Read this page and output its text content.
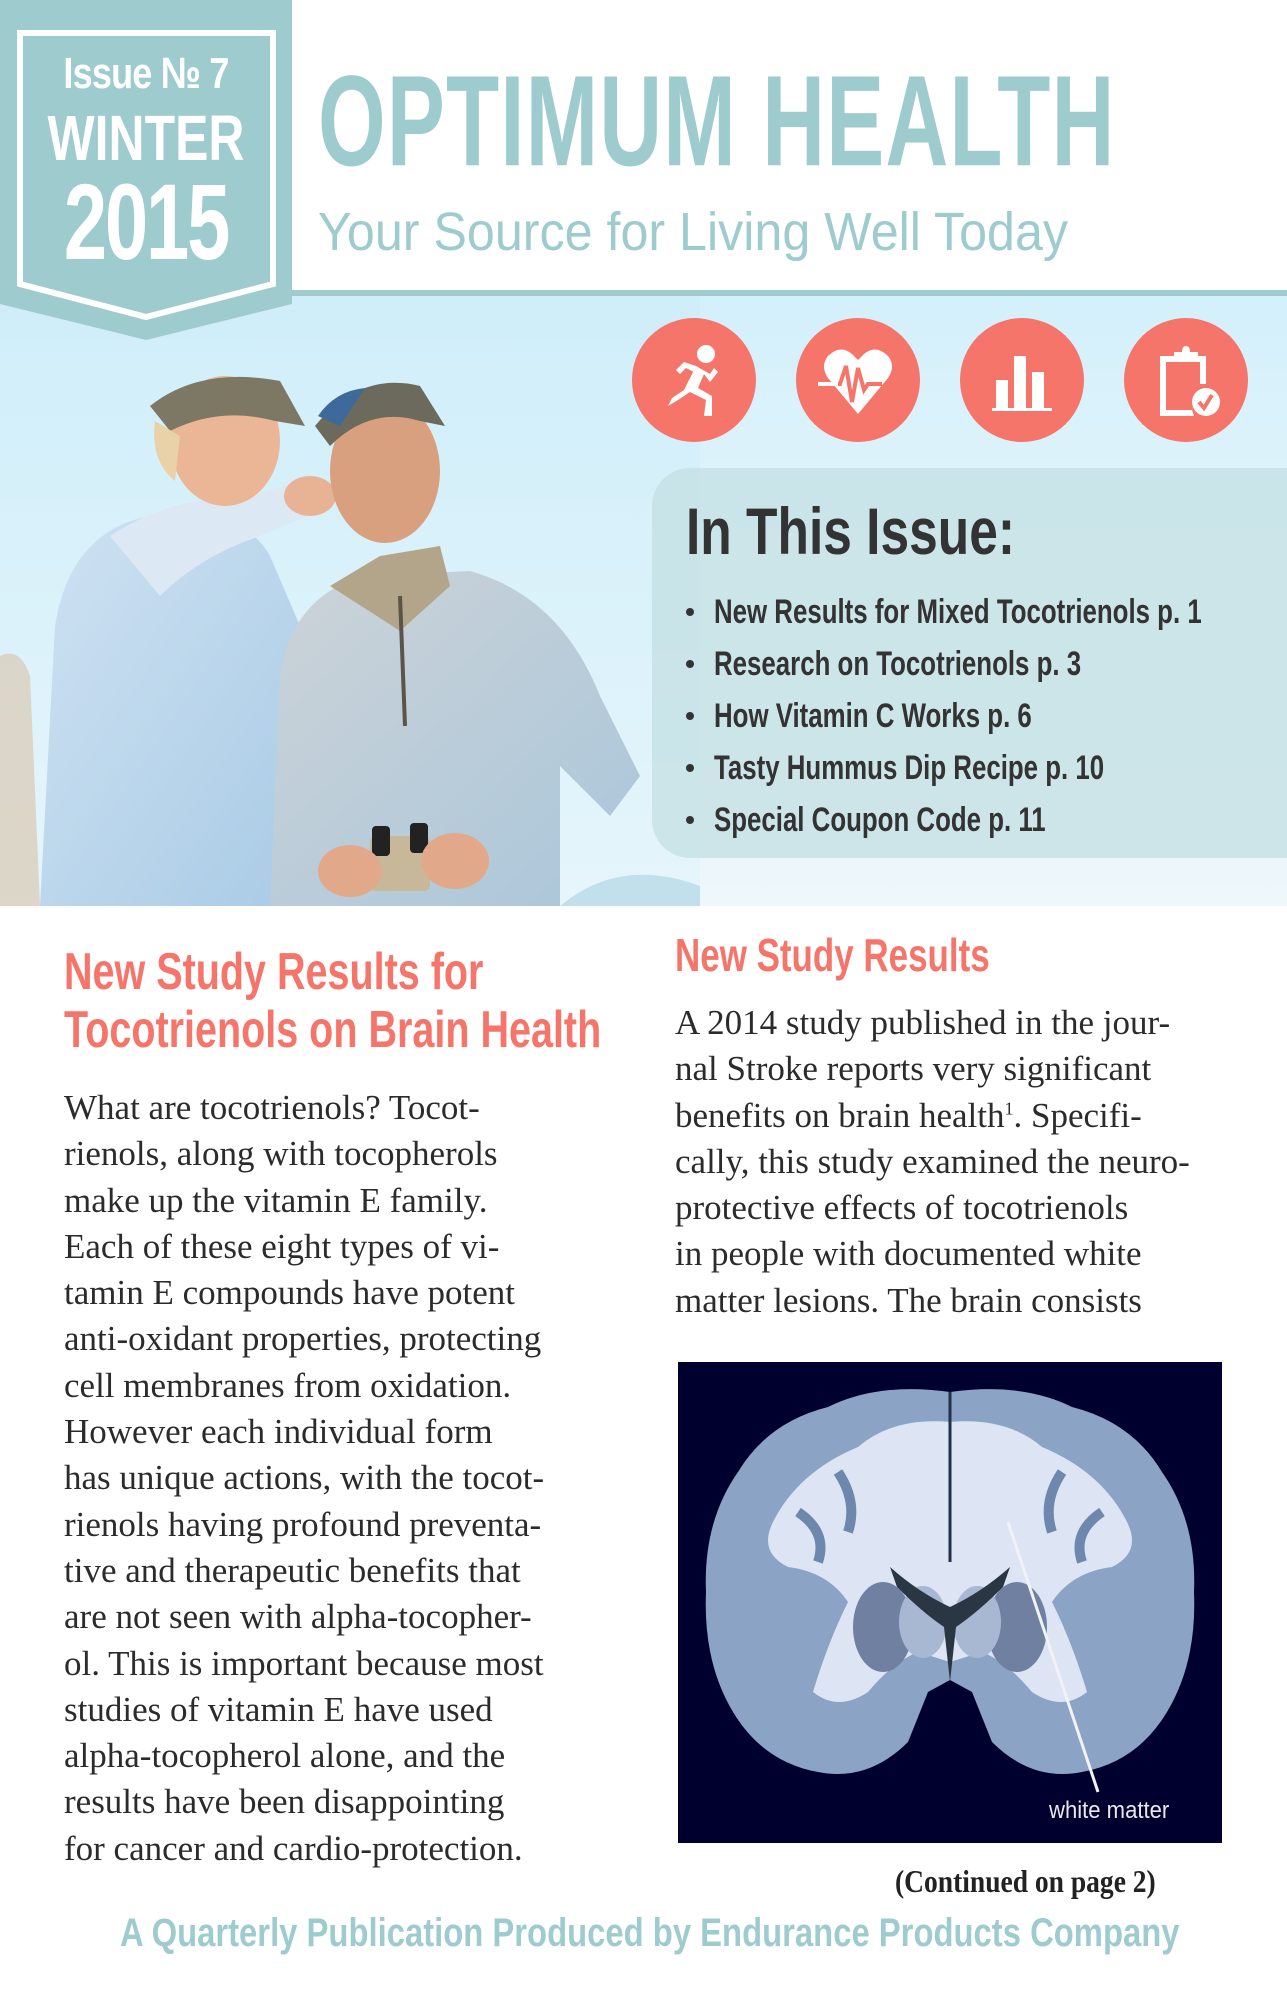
OPTIMUM HEALTH
Your Source for Living Well Today
Issue № 7
WINTER
2015
In This Issue:
New Results for Mixed Tocotrienols p. 1
Research on Tocotrienols p. 3
How Vitamin C Works p. 6
Tasty Hummus Dip Recipe p. 10
Special Coupon Code p. 11
New Study Results for
Tocotrienols on Brain Health
What are tocotrienols? Tocot-
rienols, along with tocopherols
make up the vitamin E family.
Each of these eight types of vi-
tamin E compounds have potent
anti-oxidant properties, protecting
cell membranes from oxidation.
However each individual form
has unique actions, with the tocot-
rienols having profound preventa-
tive and therapeutic benefits that
are not seen with alpha-tocopher-
ol. This is important because most
studies of vitamin E have used
alpha-tocopherol alone, and the
results have been disappointing
for cancer and cardio-protection.
New Study Results
A 2014 study published in the jour-
nal Stroke reports very significant
benefits on brain health$^1$. Specifi-
cally, this study examined the neuro-
protective effects of tocotrienols
in people with documented white
matter lesions. The brain consists
white matter
(Continued on page 2)
A Quarterly Publication Produced by Endurance Products Company
